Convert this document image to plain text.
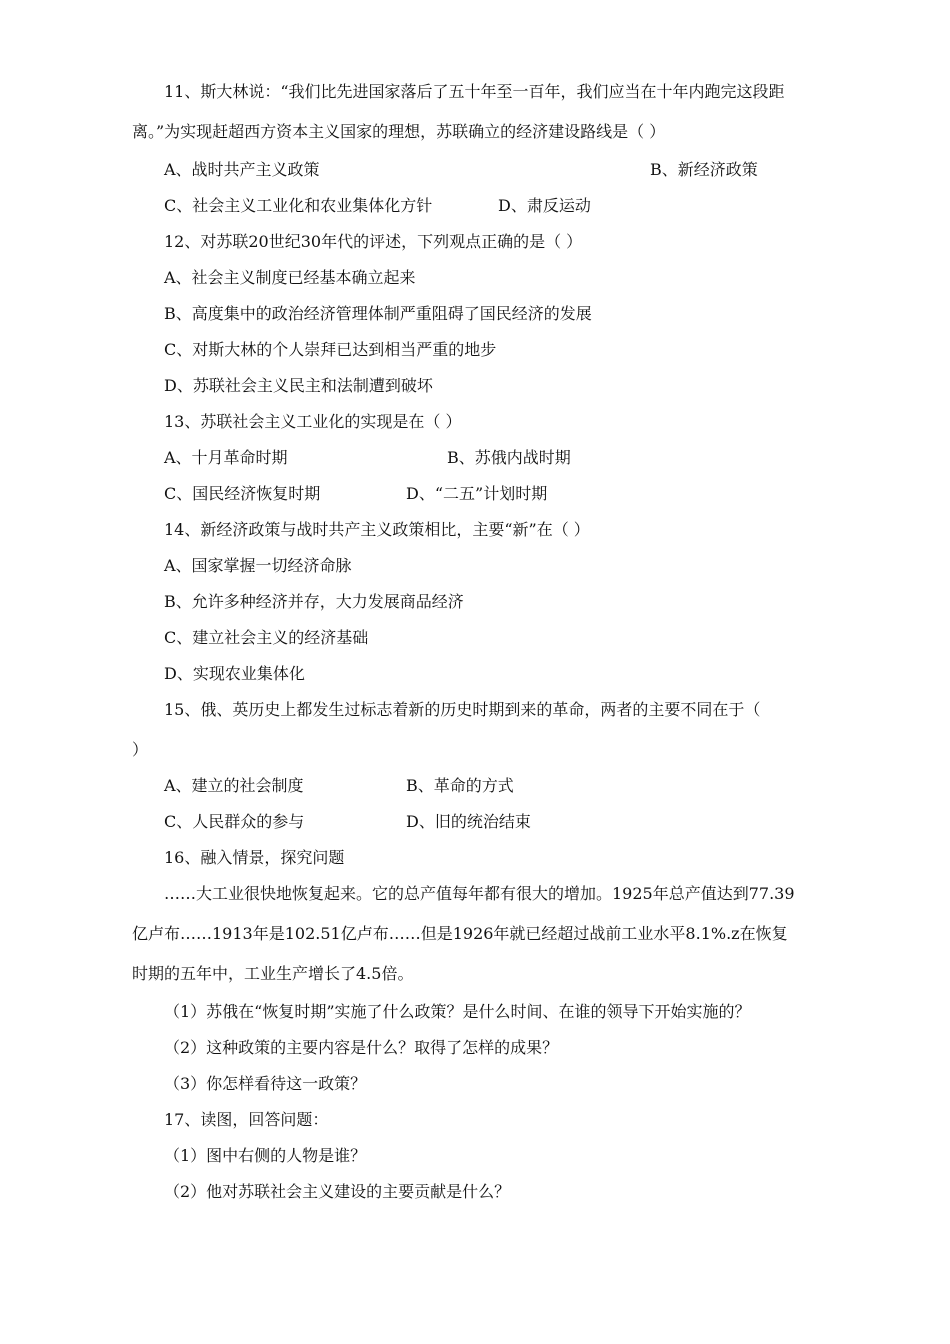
11、斯大林说：“我们比先进国家落后了五十年至一百年，我们应当在十年内跑完这段距
离。”为实现赶超西方资本主义国家的理想，苏联确立的经济建设路线是（ ）
A、战时共产主义政策	B、新经济政策
C、社会主义工业化和农业集体化方针	D、肃反运动
12、对苏联20世纪30年代的评述，下列观点正确的是（ ）
A、社会主义制度已经基本确立起来
B、高度集中的政治经济管理体制严重阻碍了国民经济的发展
C、对斯大林的个人崇拜已达到相当严重的地步
D、苏联社会主义民主和法制遭到破坏
13、苏联社会主义工业化的实现是在（ ）
A、十月革命时期	B、苏俄内战时期
C、国民经济恢复时期	D、“二五”计划时期
14、新经济政策与战时共产主义政策相比，主要“新”在（ ）
A、国家掌握一切经济命脉
B、允许多种经济并存，大力发展商品经济
C、建立社会主义的经济基础
D、实现农业集体化
15、俄、英历史上都发生过标志着新的历史时期到来的革命，两者的主要不同在于（
）
A、建立的社会制度	B、革命的方式
C、人民群众的参与	D、旧的统治结束
16、融入情景，探究问题
……大工业很快地恢复起来。它的总产值每年都有很大的增加。1925年总产值达到77.39
亿卢布……1913年是102.51亿卢布……但是1926年就已经超过战前工业水平8.1%.z在恢复
时期的五年中，工业生产增长了4.5倍。
（1）苏俄在“恢复时期”实施了什么政策？是什么时间、在谁的领导下开始实施的？
（2）这种政策的主要内容是什么？取得了怎样的成果？
（3）你怎样看待这一政策？
17、读图，回答问题：
（1）图中右侧的人物是谁？
（2）他对苏联社会主义建设的主要贡献是什么？
